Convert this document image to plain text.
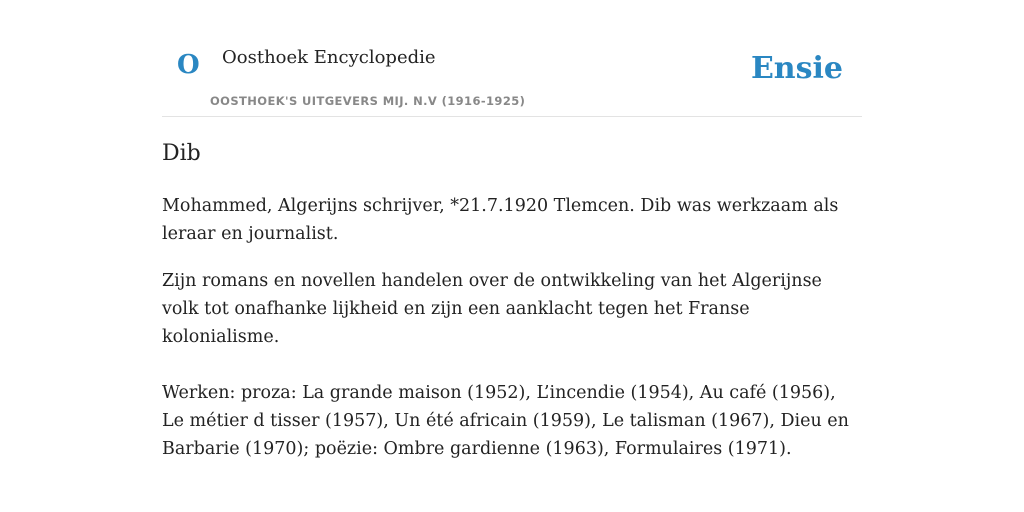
O Oosthoek Encyclopedie
OOSTHOEK'S UITGEVERS MIJ. N.V (1916-1925)
Ensie
Dib

Mohammed, Algerijns schrijver, *21.7.1920 Tlemcen. Dib was werkzaam als leraar en journalist.

Zijn romans en novellen handelen over de ontwikkeling van het Algerijnse volk tot onafhanke lijkheid en zijn een aanklacht tegen het Franse kolonialisme.

Werken: proza: La grande maison (1952), L’incendie (1954), Au café (1956), Le métier d tisser (1957), Un été africain (1959), Le talisman (1967), Dieu en Barbarie (1970); poëzie: Ombre gardienne (1963), Formulaires (1971).
